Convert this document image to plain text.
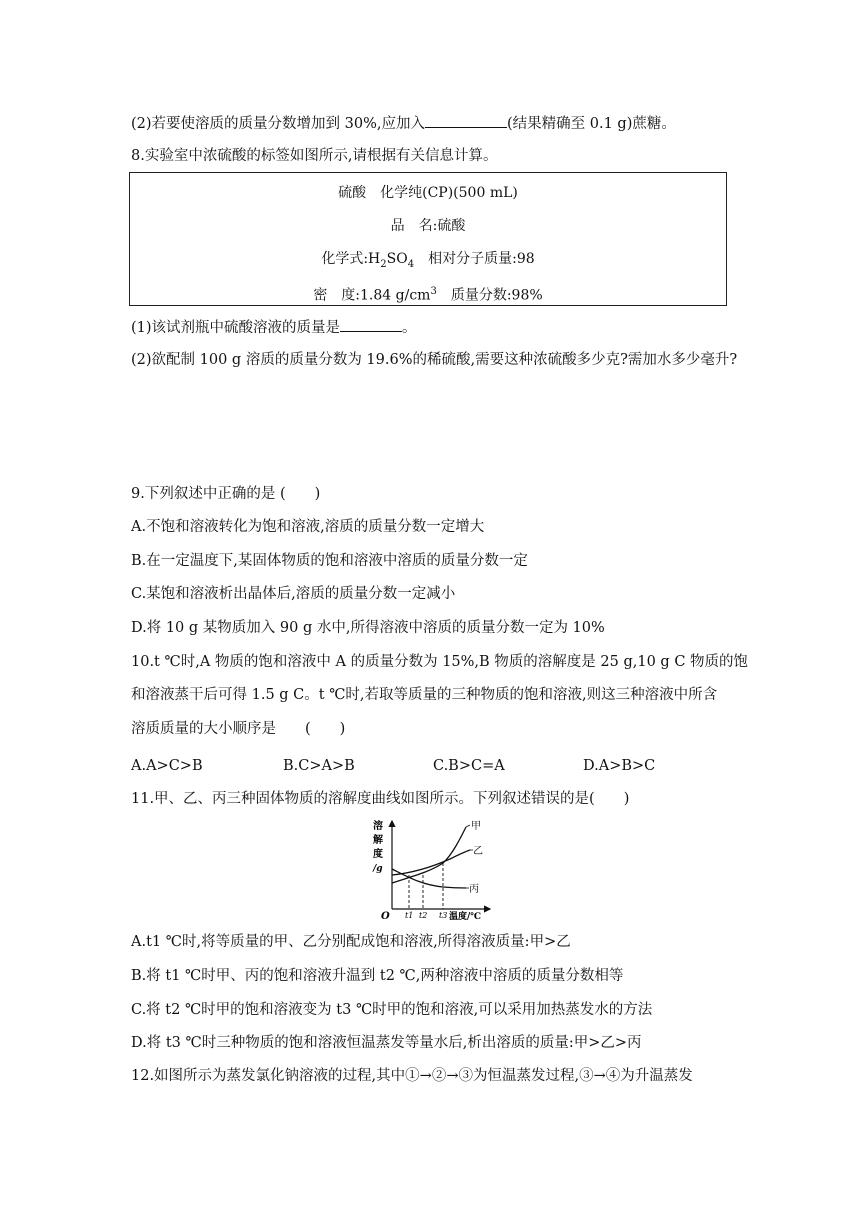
(2)若要使溶质的质量分数增加到 30%,应加入	(结果精确至 0.1 g)蔗糖。
8.实验室中浓硫酸的标签如图所示,请根据有关信息计算。
硫酸　化学纯(CP)(500 mL)
品　名:硫酸
化学式$:H_2SO_4$　相对分子质量:98
密　度:1.84 $g/cm^3$　质量分数:98%
(1)该试剂瓶中硫酸溶液的质量是	。
(2)欲配制 100 g 溶质的质量分数为 19.6%的稀硫酸,需要这种浓硫酸多少克?需加水多少毫升?
9.下列叙述中正确的是 (　　)
A.不饱和溶液转化为饱和溶液,溶质的质量分数一定增大
B.在一定温度下,某固体物质的饱和溶液中溶质的质量分数一定
C.某饱和溶液析出晶体后,溶质的质量分数一定减小
D.将 10 g 某物质加入 90 g 水中,所得溶液中溶质的质量分数一定为 10%
10.t ℃时,A 物质的饱和溶液中 A 的质量分数为 15%,B 物质的溶解度是 25 g,10 g C 物质的饱
和溶液蒸干后可得 1.5 g C。t ℃时,若取等质量的三种物质的饱和溶液,则这三种溶液中所含
溶质质量的大小顺序是　　(　　)
A.A>C>B	B.C>A>B	C.B>C=A	D.A>B>C
11.甲、乙、丙三种固体物质的溶解度曲线如图所示。下列叙述错误的是(　　)
溶
解
度
/g
O	温度/℃
t1 t2 t3
甲
乙
丙
A.t1 ℃时,将等质量的甲、乙分别配成饱和溶液,所得溶液质量:甲>乙
B.将 t1 ℃时甲、丙的饱和溶液升温到 t2 ℃,两种溶液中溶质的质量分数相等
C.将 t2 ℃时甲的饱和溶液变为 t3 ℃时甲的饱和溶液,可以采用加热蒸发水的方法
D.将 t3 ℃时三种物质的饱和溶液恒温蒸发等量水后,析出溶质的质量:甲>乙>丙
12.如图所示为蒸发氯化钠溶液的过程,其中①→②→③为恒温蒸发过程,③→④为升温蒸发
